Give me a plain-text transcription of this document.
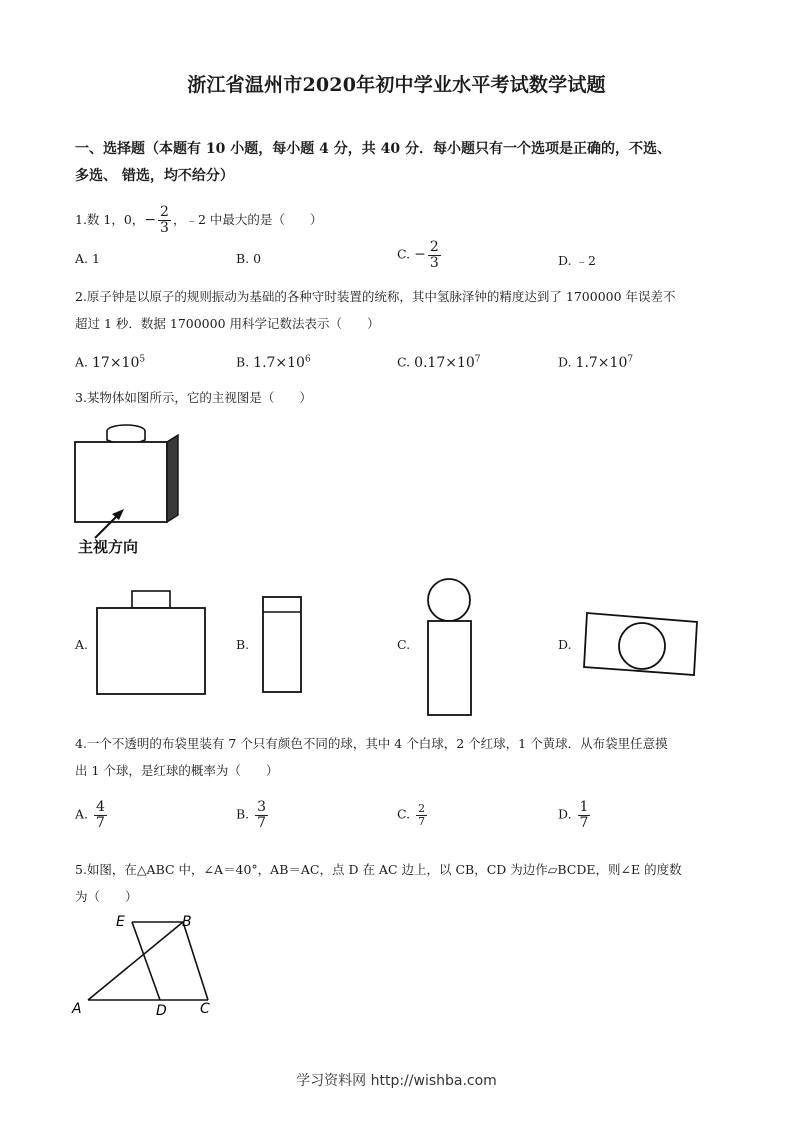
浙江省温州市2020年初中学业水平考试数学试题
一、选择题（本题有 10 小题，每小题 4 分，共 40 分．每小题只有一个选项是正确的，不选、
多选、 错选，均不给分）
1.数 1，0，− $\frac{2}{3}$ ，﹣2 中最大的是（　　）
A. 1	B. 0	C. − $\frac{2}{3}$	D. ﹣2
2.原子钟是以原子的规则振动为基础的各种守时装置的统称，其中氢脉泽钟的精度达到了 1700000 年误差不
超过 1 秒．数据 1700000 用科学记数法表示（　　）
A. $17\times 10^5$	B. $1.7\times 10^6$	C. $0.17\times 10^7$	D. $1.7\times 10^7$
3.某物体如图所示，它的主视图是（　　）
主视方向
A.	B.	C.	D.
4.一个不透明的布袋里装有 7 个只有颜色不同的球，其中 4 个白球，2 个红球，1 个黄球．从布袋里任意摸
出 1 个球，是红球的概率为（　　）
A. $\frac{4}{7}$	B. $\frac{3}{7}$	C. $\frac{2}{7}$	D. $\frac{1}{7}$
5.如图，在△ABC 中，∠A＝40°，AB＝AC，点 D 在 AC 边上，以 CB，CD 为边作▱BCDE，则∠E 的度数
为（　　）
E	B
A	D C
学习资料网 http://wishba.com
